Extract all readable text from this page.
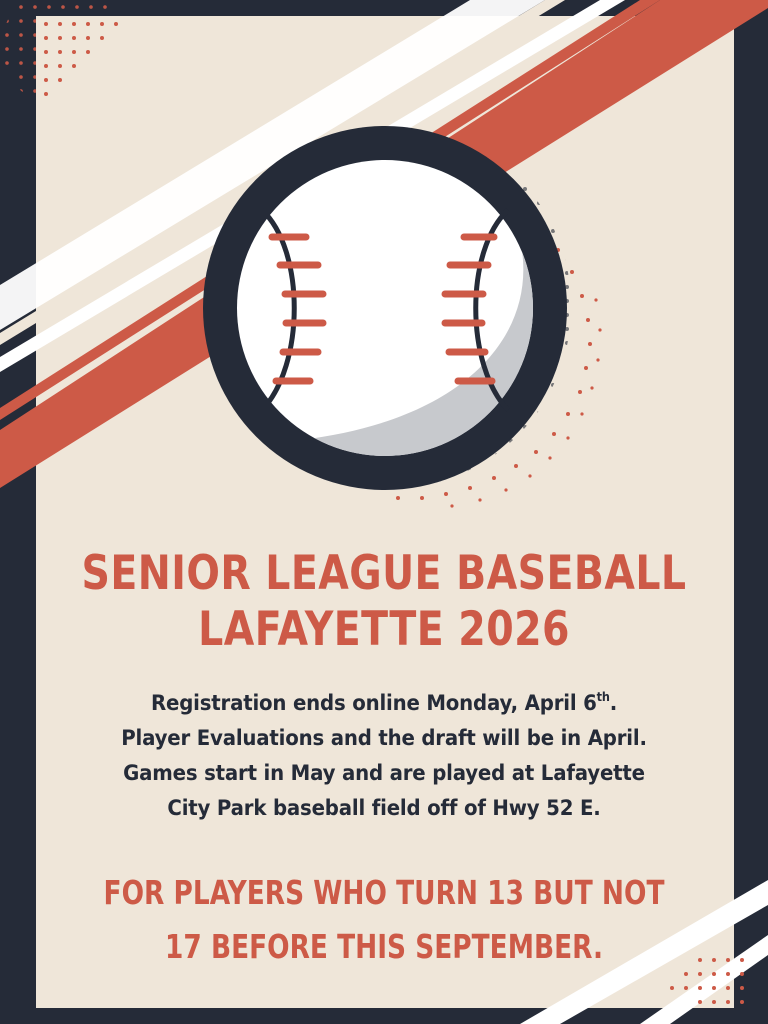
SENIOR LEAGUE BASEBALL
LAFAYETTE 2026
Registration ends online Monday, April 6th.
Player Evaluations and the draft will be in April.
Games start in May and are played at Lafayette
City Park baseball field off of Hwy 52 E.
FOR PLAYERS WHO TURN 13 BUT NOT
17 BEFORE THIS SEPTEMBER.
